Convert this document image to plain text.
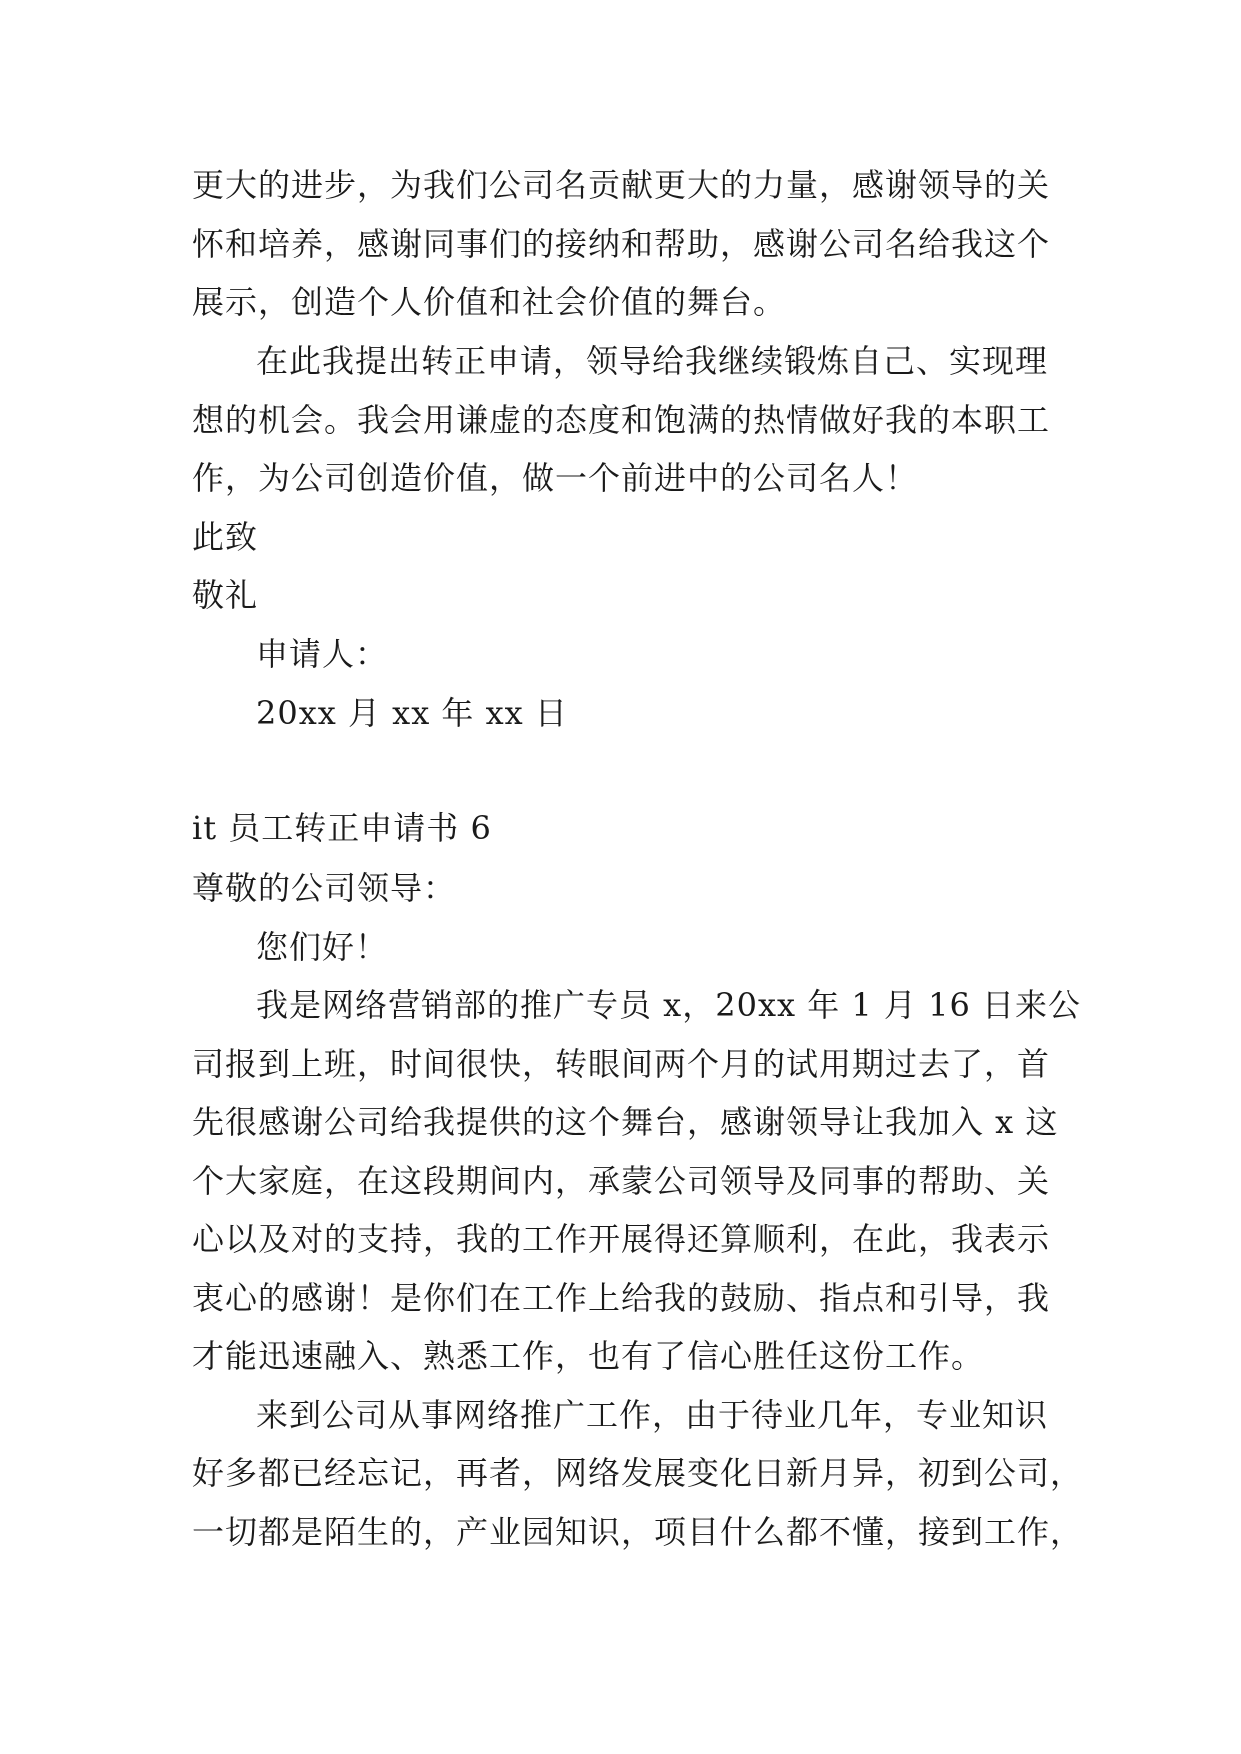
更大的进步，为我们公司名贡献更大的力量，感谢领导的关
怀和培养，感谢同事们的接纳和帮助，感谢公司名给我这个
展示，创造个人价值和社会价值的舞台。
在此我提出转正申请，领导给我继续锻炼自己、实现理
想的机会。我会用谦虚的态度和饱满的热情做好我的本职工
作，为公司创造价值，做一个前进中的公司名人！
此致
敬礼
申请人：
20xx 月 xx 年 xx 日
it 员工转正申请书 6
尊敬的公司领导：
您们好！
我是网络营销部的推广专员 x，20xx 年 1 月 16 日来公
司报到上班，时间很快，转眼间两个月的试用期过去了，首
先很感谢公司给我提供的这个舞台，感谢领导让我加入 x 这
个大家庭，在这段期间内，承蒙公司领导及同事的帮助、关
心以及对的支持，我的工作开展得还算顺利，在此，我表示
衷心的感谢！是你们在工作上给我的鼓励、指点和引导，我
才能迅速融入、熟悉工作，也有了信心胜任这份工作。
来到公司从事网络推广工作，由于待业几年，专业知识
好多都已经忘记，再者，网络发展变化日新月异，初到公司，
一切都是陌生的，产业园知识，项目什么都不懂，接到工作，
